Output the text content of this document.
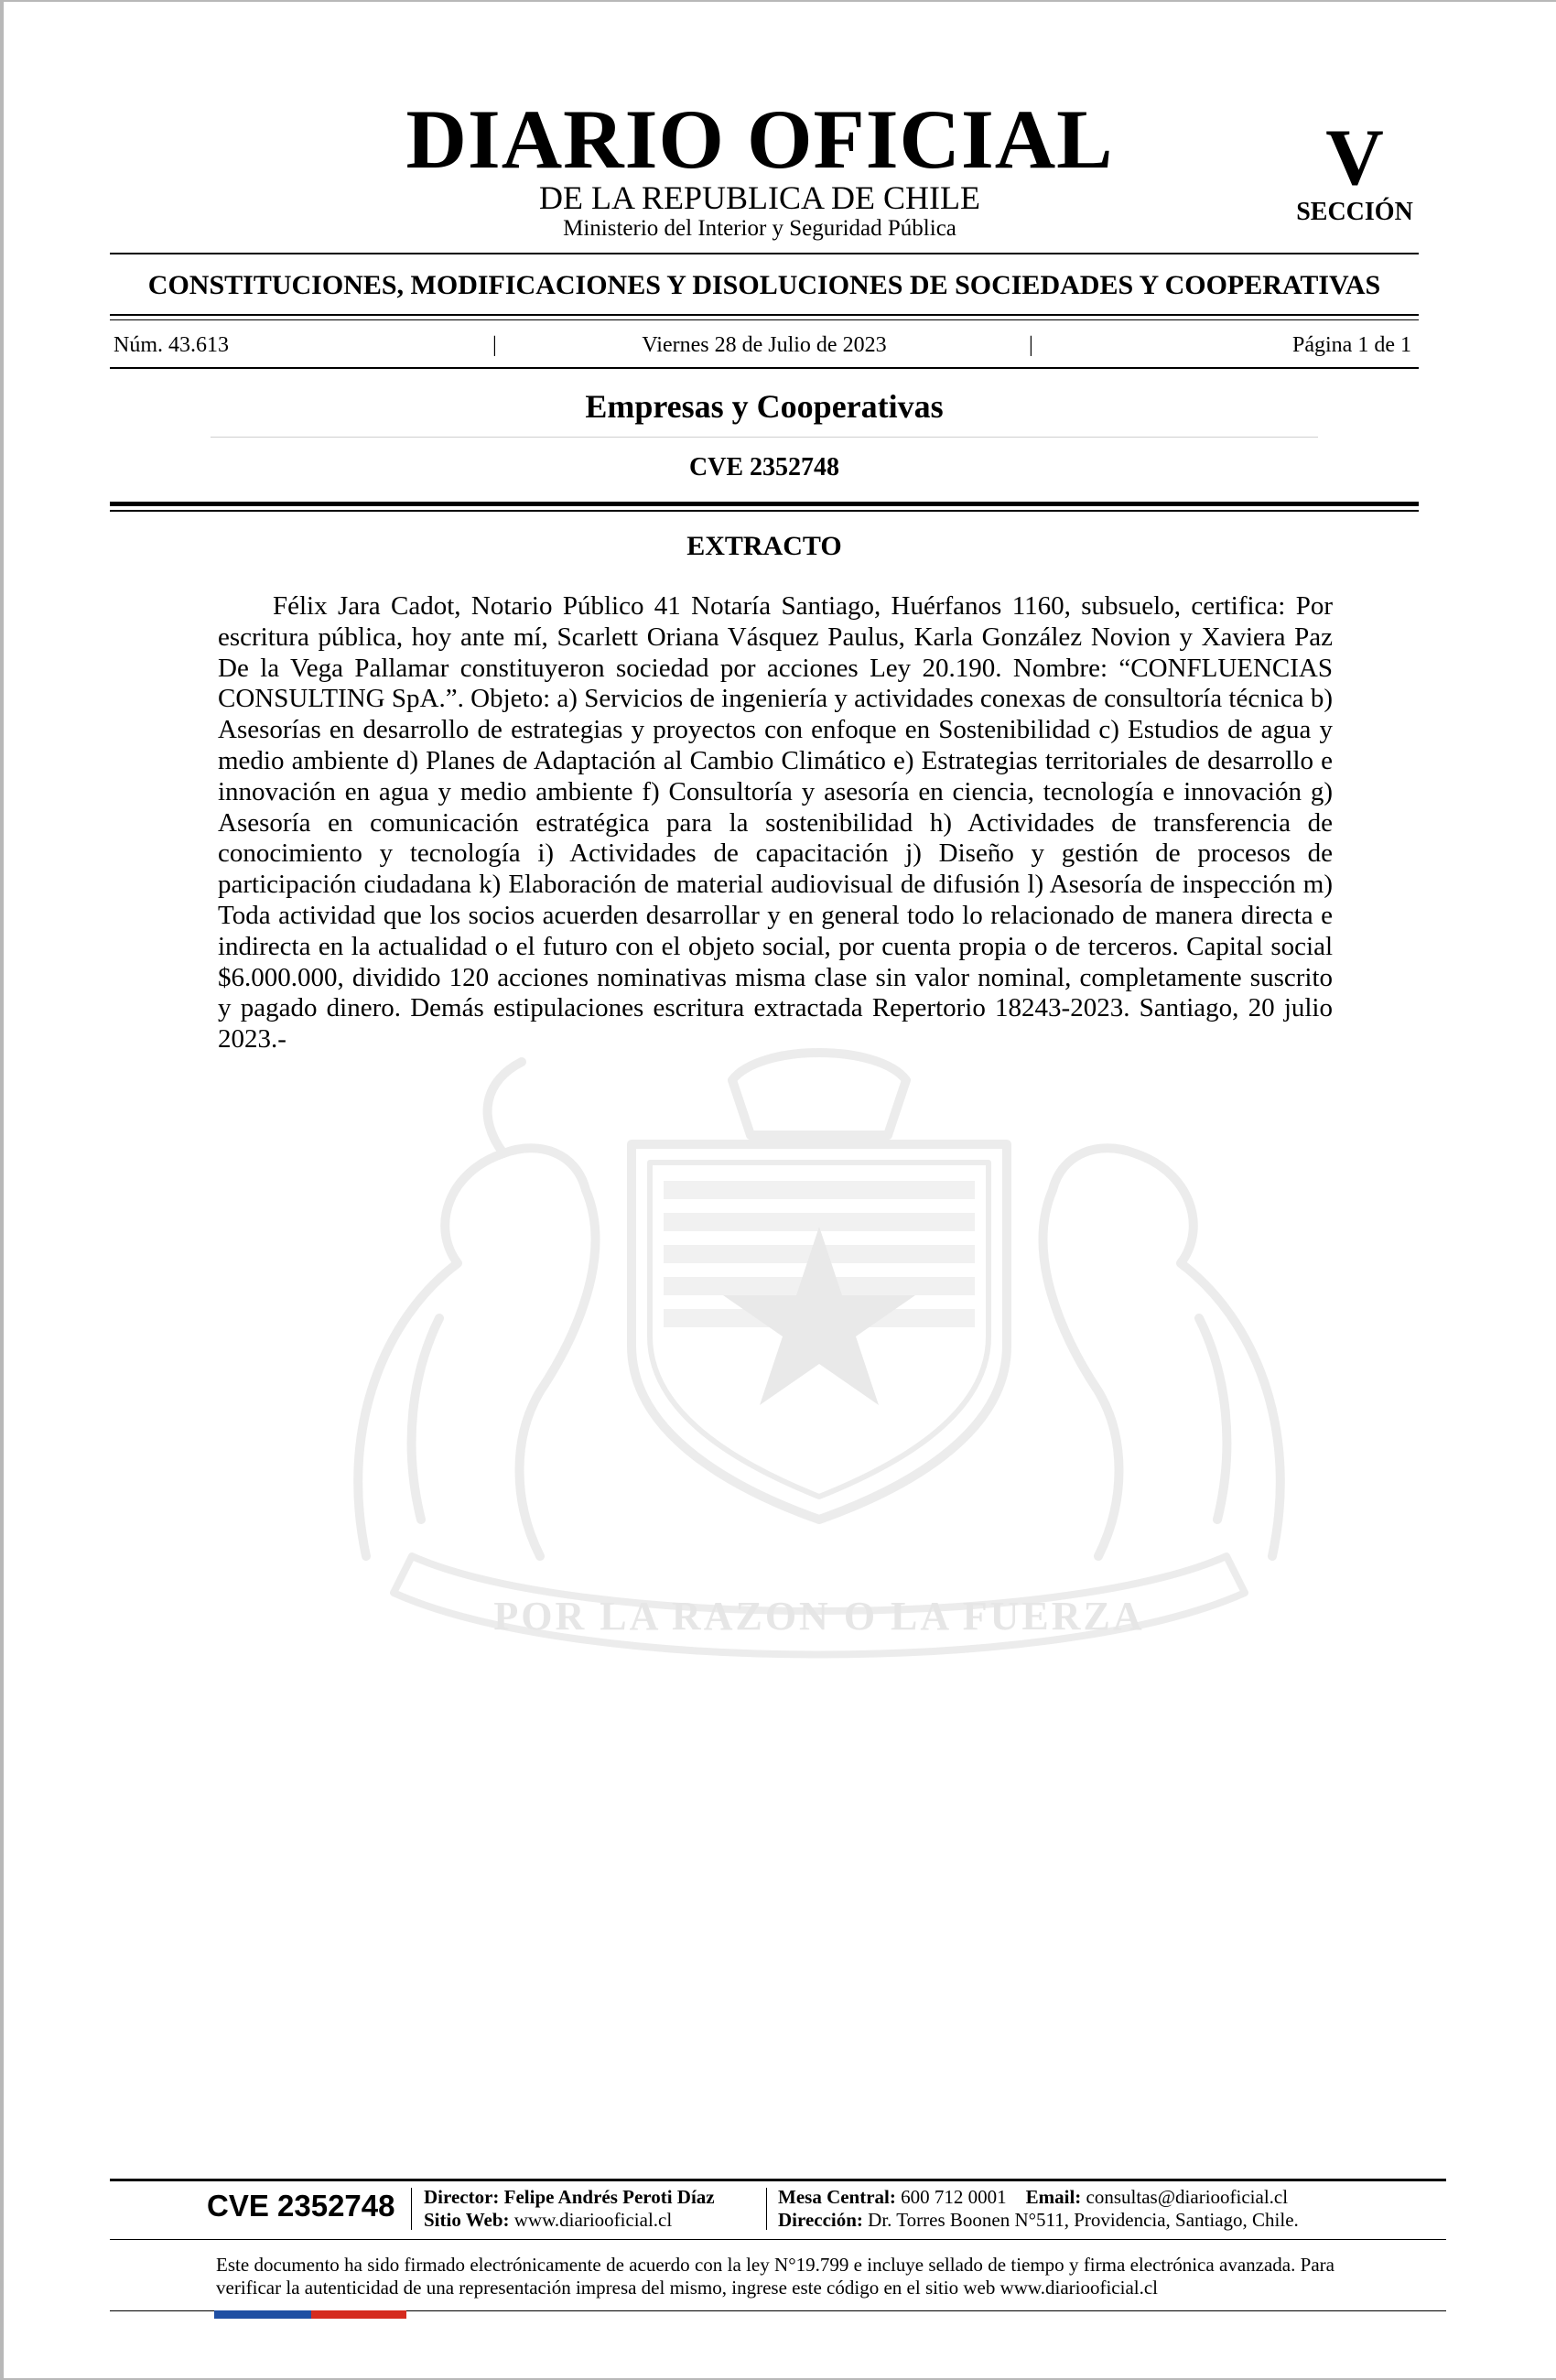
DIARIO OFICIAL
DE LA REPUBLICA DE CHILE
Ministerio del Interior y Seguridad Pública
V
SECCIÓN
CONSTITUCIONES, MODIFICACIONES Y DISOLUCIONES DE SOCIEDADES Y COOPERATIVAS
Núm. 43.613	|	Viernes 28 de Julio de 2023	|	Página 1 de 1
Empresas y Cooperativas
CVE 2352748
EXTRACTO
Félix Jara Cadot, Notario Público 41 Notaría Santiago, Huérfanos 1160, subsuelo, certifica: Por escritura pública, hoy ante mí, Scarlett Oriana Vásquez Paulus, Karla González Novion y Xaviera Paz De la Vega Pallamar constituyeron sociedad por acciones Ley 20.190. Nombre: “CONFLUENCIAS CONSULTING SpA.”. Objeto: a) Servicios de ingeniería y actividades conexas de consultoría técnica b) Asesorías en desarrollo de estrategias y proyectos con enfoque en Sostenibilidad c) Estudios de agua y medio ambiente d) Planes de Adaptación al Cambio Climático e) Estrategias territoriales de desarrollo e innovación en agua y medio ambiente f) Consultoría y asesoría en ciencia, tecnología e innovación g) Asesoría en comunicación estratégica para la sostenibilidad h) Actividades de transferencia de conocimiento y tecnología i) Actividades de capacitación j) Diseño y gestión de procesos de participación ciudadana k) Elaboración de material audiovisual de difusión l) Asesoría de inspección m) Toda actividad que los socios acuerden desarrollar y en general todo lo relacionado de manera directa e indirecta en la actualidad o el futuro con el objeto social, por cuenta propia o de terceros. Capital social $6.000.000, dividido 120 acciones nominativas misma clase sin valor nominal, completamente suscrito y pagado dinero. Demás estipulaciones escritura extractada Repertorio 18243-2023. Santiago, 20 julio 2023.-
POR LA RAZON O LA FUERZA
CVE 2352748 Director: Felipe Andrés Peroti Díaz
Sitio Web: www.diariooficial.cl
Mesa Central: 600 712 0001 Email: consultas@diariooficial.cl
Dirección: Dr. Torres Boonen N°511, Providencia, Santiago, Chile.
Este documento ha sido firmado electrónicamente de acuerdo con la ley N°19.799 e incluye sellado de tiempo y firma electrónica avanzada. Para verificar la autenticidad de una representación impresa del mismo, ingrese este código en el sitio web www.diariooficial.cl
